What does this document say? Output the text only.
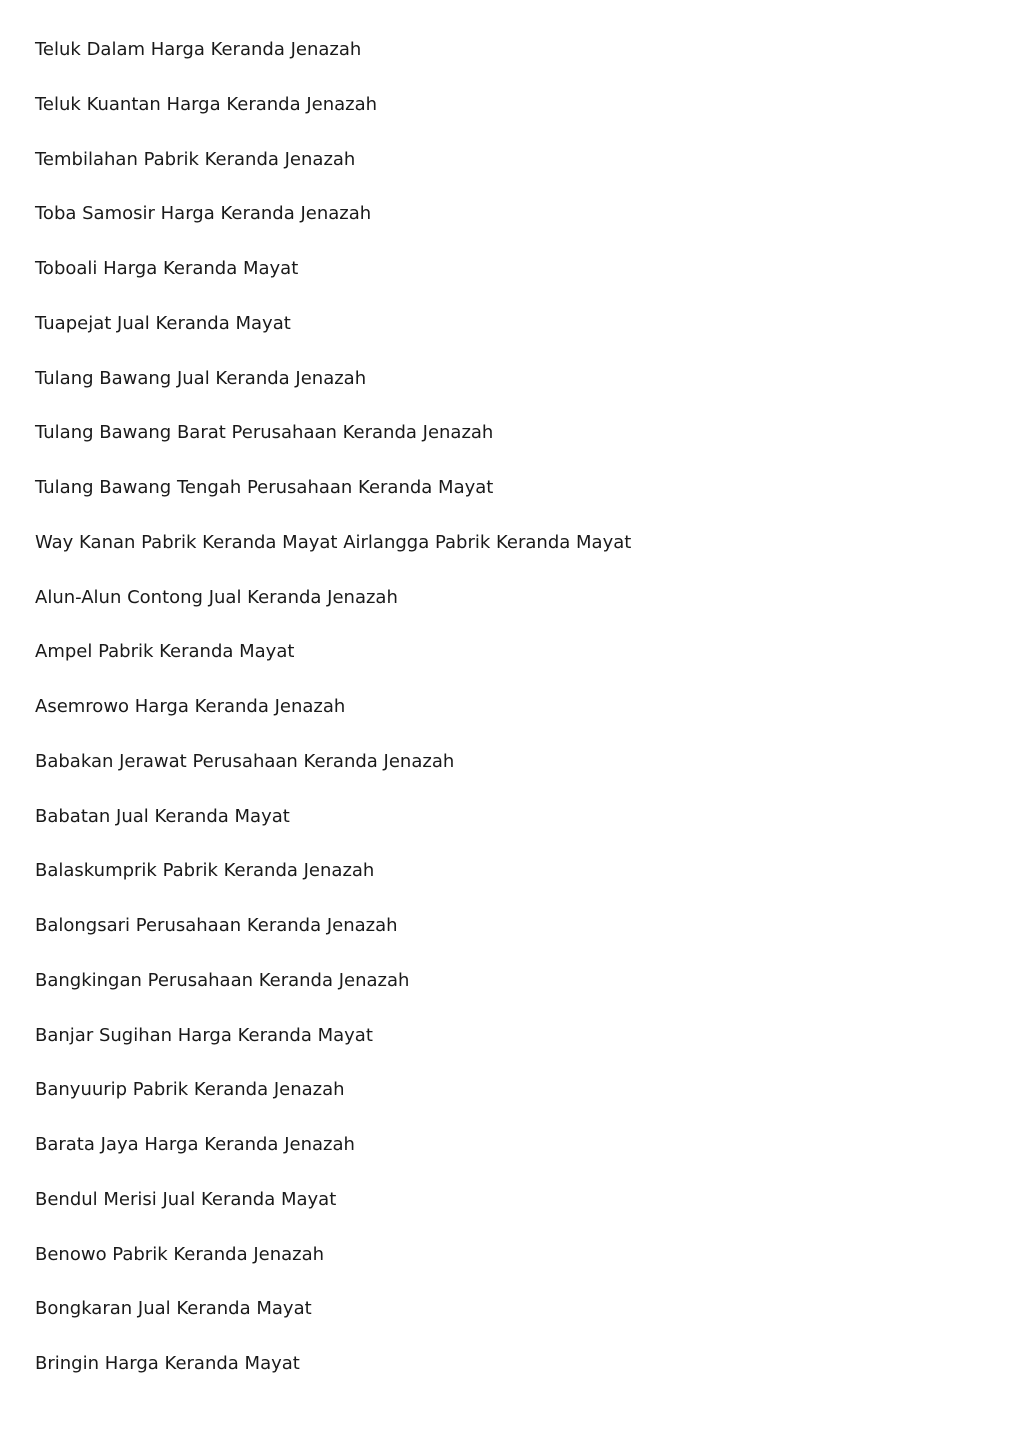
Teluk Dalam Harga Keranda Jenazah
Teluk Kuantan Harga Keranda Jenazah
Tembilahan Pabrik Keranda Jenazah
Toba Samosir Harga Keranda Jenazah
Toboali Harga Keranda Mayat
Tuapejat Jual Keranda Mayat
Tulang Bawang Jual Keranda Jenazah
Tulang Bawang Barat Perusahaan Keranda Jenazah
Tulang Bawang Tengah Perusahaan Keranda Mayat
Way Kanan Pabrik Keranda Mayat Airlangga Pabrik Keranda Mayat
Alun-Alun Contong Jual Keranda Jenazah
Ampel Pabrik Keranda Mayat
Asemrowo Harga Keranda Jenazah
Babakan Jerawat Perusahaan Keranda Jenazah
Babatan Jual Keranda Mayat
Balaskumprik Pabrik Keranda Jenazah
Balongsari Perusahaan Keranda Jenazah
Bangkingan Perusahaan Keranda Jenazah
Banjar Sugihan Harga Keranda Mayat
Banyuurip Pabrik Keranda Jenazah
Barata Jaya Harga Keranda Jenazah
Bendul Merisi Jual Keranda Mayat
Benowo Pabrik Keranda Jenazah
Bongkaran Jual Keranda Mayat
Bringin Harga Keranda Mayat
